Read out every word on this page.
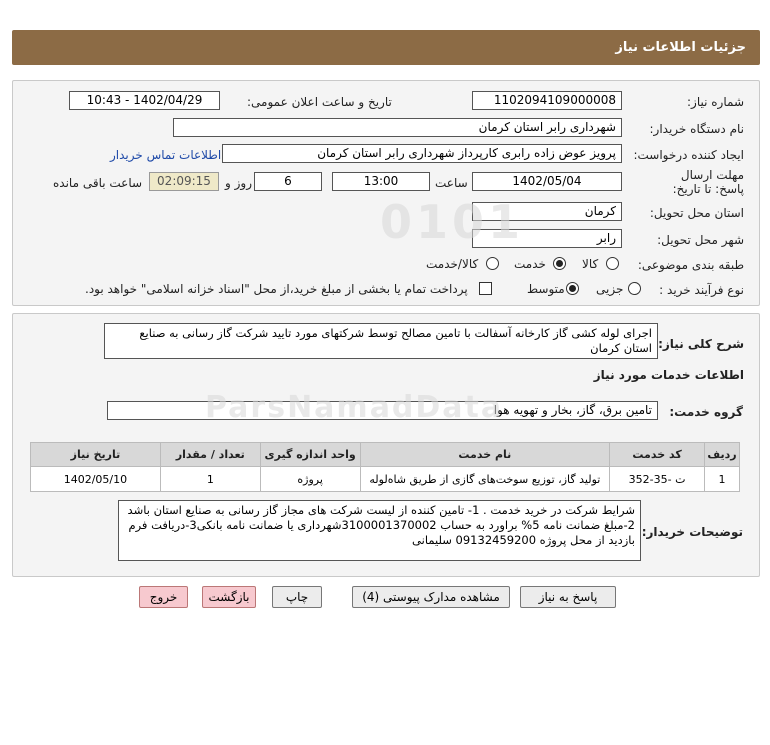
جزئیات اطلاعات نیاز
شماره نیاز:
1102094109000008
تاریخ و ساعت اعلان عمومی:
1402/04/29 - 10:43
نام دستگاه خریدار:
شهرداری رابر استان کرمان
ایجاد کننده درخواست:
پرویز عوض زاده رابری کارپرداز شهرداری رابر استان کرمان
اطلاعات تماس خریدار
مهلت ارسال پاسخ: تا تاریخ:
1402/05/04
ساعت
13:00
6
روز و
02:09:15
ساعت باقی مانده
استان محل تحویل:
کرمان
شهر محل تحویل:
رابر
طبقه بندی موضوعی:
کالا
خدمت
کالا/خدمت
نوع فرآیند خرید :
جزیی
متوسط
پرداخت تمام یا بخشی از مبلغ خرید،از محل "اسناد خزانه اسلامی" خواهد بود.
شرح کلی نیاز:
اجرای لوله کشی گاز کارخانه آسفالت با تامین مصالح توسط شرکتهای مورد تایید شرکت گاز رسانی به صنایع استان کرمان
اطلاعات خدمات مورد نیاز
گروه خدمت:
تامین برق، گاز، بخار و تهویه هوا
ردیف	کد خدمت	نام خدمت	واحد اندازه گیری	تعداد / مقدار	تاریخ نیاز
1	ت -35-352	تولید گاز، توزیع سوخت‌های گازی از طریق شاه‌لوله	پروژه	1	1402/05/10
توضیحات خریدار:
شرایط شرکت در خرید خدمت . 1- تامین کننده از لیست شرکت های مجاز گاز رسانی به صنایع استان باشد 2-مبلغ ضمانت نامه 5% براورد به حساب 3100001370002شهرداری یا ضمانت نامه بانکی3-دریافت فرم بازدید از محل پروژه 09132459200 سلیمانی
0101
ParsNamadData
پاسخ به نیاز
مشاهده مدارک پیوستی (4)
چاپ
بازگشت
خروج
